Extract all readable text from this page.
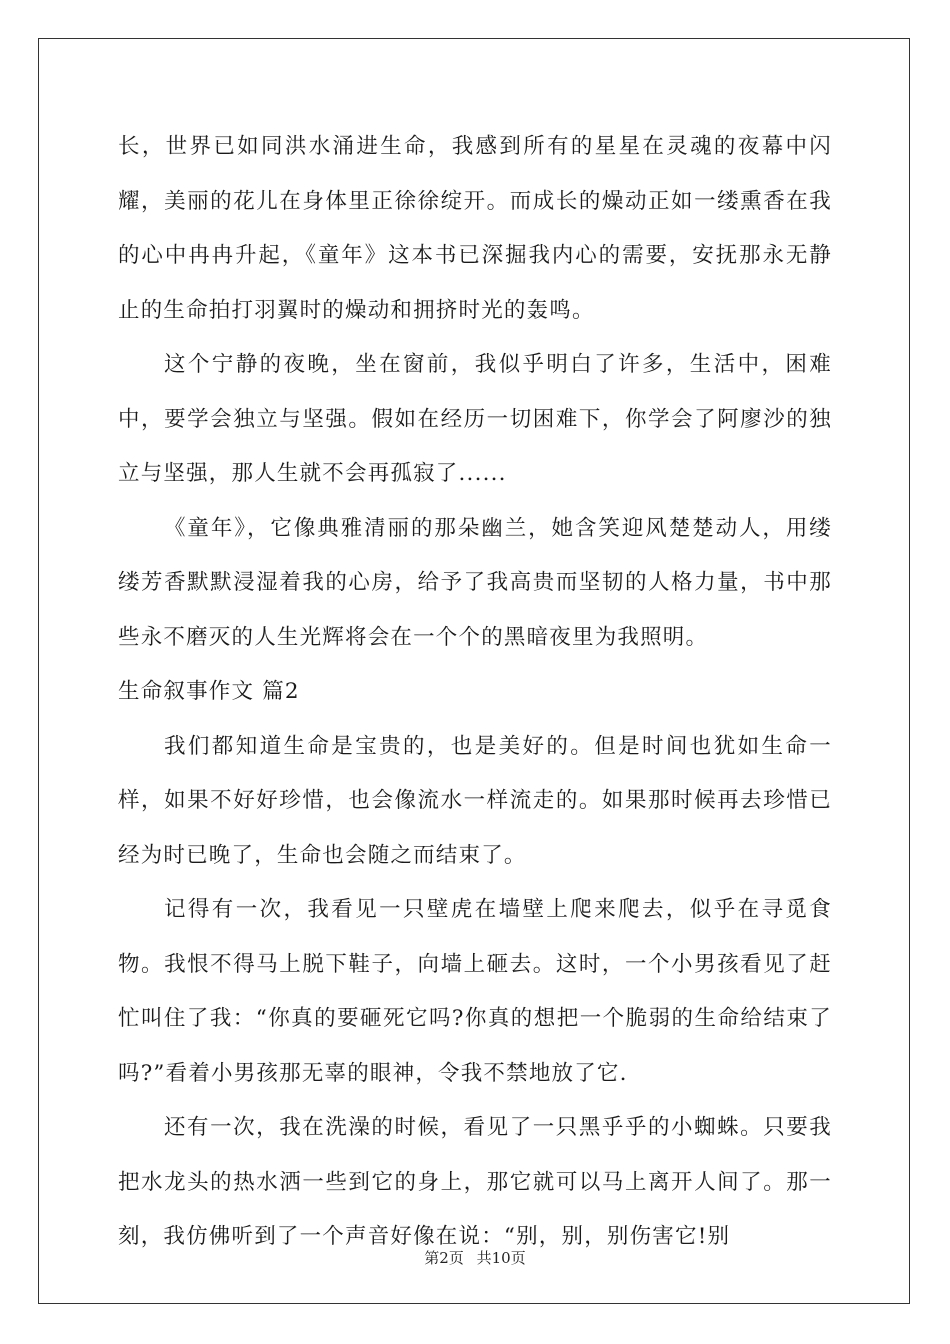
长，世界已如同洪水涌进生命，我感到所有的星星在灵魂的夜幕中闪耀，美丽的花儿在身体里正徐徐绽开。而成长的燥动正如一缕熏香在我的心中冉冉升起，《童年》这本书已深掘我内心的需要，安抚那永无静止的生命拍打羽翼时的燥动和拥挤时光的轰鸣。

这个宁静的夜晚，坐在窗前，我似乎明白了许多，生活中，困难中，要学会独立与坚强。假如在经历一切困难下，你学会了阿廖沙的独立与坚强，那人生就不会再孤寂了......

《童年》，它像典雅清丽的那朵幽兰，她含笑迎风楚楚动人，用缕缕芳香默默浸湿着我的心房，给予了我高贵而坚韧的人格力量，书中那些永不磨灭的人生光辉将会在一个个的黑暗夜里为我照明。

生命叙事作文 篇2

我们都知道生命是宝贵的，也是美好的。但是时间也犹如生命一样，如果不好好珍惜，也会像流水一样流走的。如果那时候再去珍惜已经为时已晚了，生命也会随之而结束了。

记得有一次，我看见一只壁虎在墙壁上爬来爬去，似乎在寻觅食物。我恨不得马上脱下鞋子，向墙上砸去。这时，一个小男孩看见了赶忙叫住了我：“你真的要砸死它吗?你真的想把一个脆弱的生命给结束了吗?”看着小男孩那无辜的眼神，令我不禁地放了它.

还有一次，我在洗澡的时候，看见了一只黑乎乎的小蜘蛛。只要我把水龙头的热水洒一些到它的身上，那它就可以马上离开人间了。那一刻，我仿佛听到了一个声音好像在说：“别，别，别伤害它!别

第2页 共10页
